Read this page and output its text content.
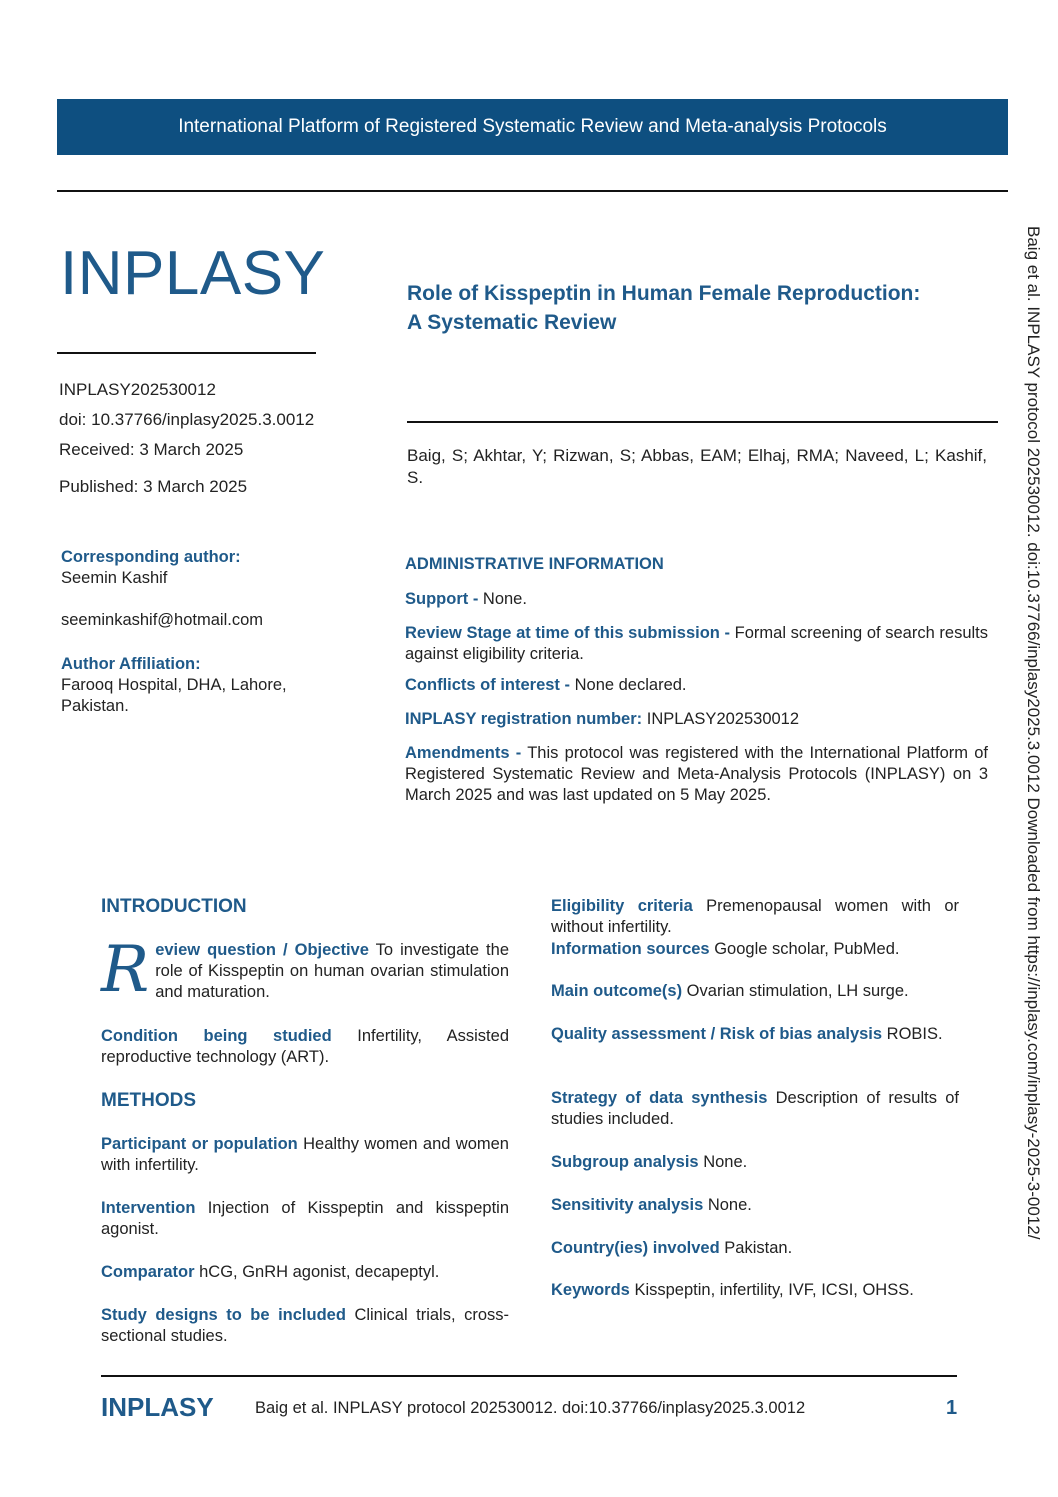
International Platform of Registered Systematic Review and Meta-analysis Protocols
INPLASY
INPLASY202530012
doi: 10.37766/inplasy2025.3.0012
Received: 3 March 2025
Published: 3 March 2025
Role of Kisspeptin in Human Female Reproduction:
A Systematic Review
Baig, S; Akhtar, Y; Rizwan, S; Abbas, EAM; Elhaj, RMA; Naveed, L; Kashif, S.
Corresponding author:
Seemin Kashif
seeminkashif@hotmail.com
Author Affiliation:
Farooq Hospital, DHA, Lahore, Pakistan.
ADMINISTRATIVE INFORMATION
Support - None.
Review Stage at time of this submission - Formal screening of search results against eligibility criteria.
Conflicts of interest - None declared.
INPLASY registration number: INPLASY202530012
Amendments - This protocol was registered with the International Platform of Registered Systematic Review and Meta-Analysis Protocols (INPLASY) on 3 March 2025 and was last updated on 5 May 2025.
INTRODUCTION
Review question / Objective To investigate the role of Kisspeptin on human ovarian stimulation and maturation.
Condition being studied Infertility, Assisted reproductive technology (ART).
METHODS
Participant or population Healthy women and women with infertility.
Intervention Injection of Kisspeptin and kisspeptin agonist.
Comparator hCG, GnRH agonist, decapeptyl.
Study designs to be included Clinical trials, cross-sectional studies.
Eligibility criteria Premenopausal women with or without infertility.
Information sources Google scholar, PubMed.
Main outcome(s) Ovarian stimulation, LH surge.
Quality assessment / Risk of bias analysis ROBIS.
Strategy of data synthesis Description of results of studies included.
Subgroup analysis None.
Sensitivity analysis None.
Country(ies) involved Pakistan.
Keywords Kisspeptin, infertility, IVF, ICSI, OHSS.
Baig et al. INPLASY protocol 202530012. doi:10.37766/inplasy2025.3.0012 Downloaded from https://inplasy.com/inplasy-2025-3-0012/
INPLASY	Baig et al. INPLASY protocol 202530012. doi:10.37766/inplasy2025.3.0012	1
